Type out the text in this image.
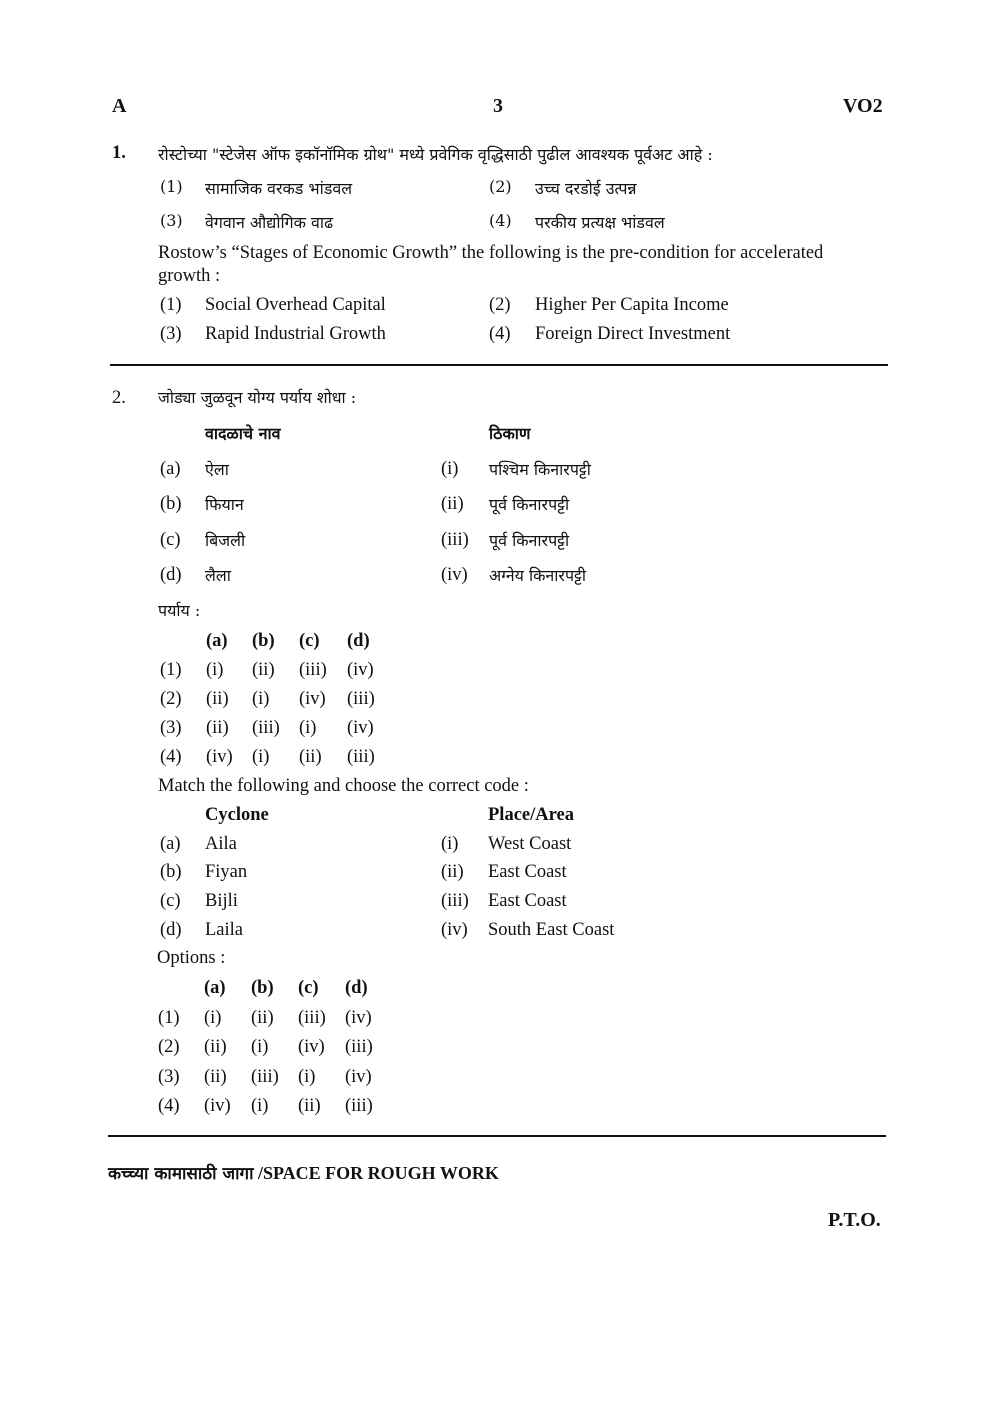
A	3	VO2
1. रोस्टोच्या "स्टेजेस ऑफ इकॉनॉमिक ग्रोथ" मध्ये प्रवेगिक वृद्धिसाठी पुढील आवश्यक पूर्वअट आहे :
(1) सामाजिक वरकड भांडवल	(2) उच्च दरडोई उत्पन्न
(3) वेगवान औद्योगिक वाढ	(4) परकीय प्रत्यक्ष भांडवल
Rostow’s “Stages of Economic Growth” the following is the pre-condition for accelerated
growth :
(1) Social Overhead Capital	(2) Higher Per Capita Income
(3) Rapid Industrial Growth	(4) Foreign Direct Investment
2. जोड्या जुळवून योग्य पर्याय शोधा :
वादळाचे नाव	ठिकाण
(a) ऐला	(i) पश्चिम किनारपट्टी
(b) फियान	(ii) पूर्व किनारपट्टी
(c) बिजली	(iii) पूर्व किनारपट्टी
(d) लैला	(iv) अग्नेय किनारपट्टी
पर्याय :
(a) (b) (c) (d)
(1) (i) (ii) (iii) (iv)
(2) (ii) (i) (iv) (iii)
(3) (ii) (iii) (i) (iv)
(4) (iv) (i) (ii) (iii)
Match the following and choose the correct code :
Cyclone	Place/Area
(a) Aila	(i) West Coast
(b) Fiyan	(ii) East Coast
(c) Bijli	(iii) East Coast
(d) Laila	(iv) South East Coast
Options :
(a) (b) (c) (d)
(1) (i) (ii) (iii) (iv)
(2) (ii) (i) (iv) (iii)
(3) (ii) (iii) (i) (iv)
(4) (iv) (i) (ii) (iii)
कच्च्या कामासाठी जागा /SPACE FOR ROUGH WORK
P.T.O.
